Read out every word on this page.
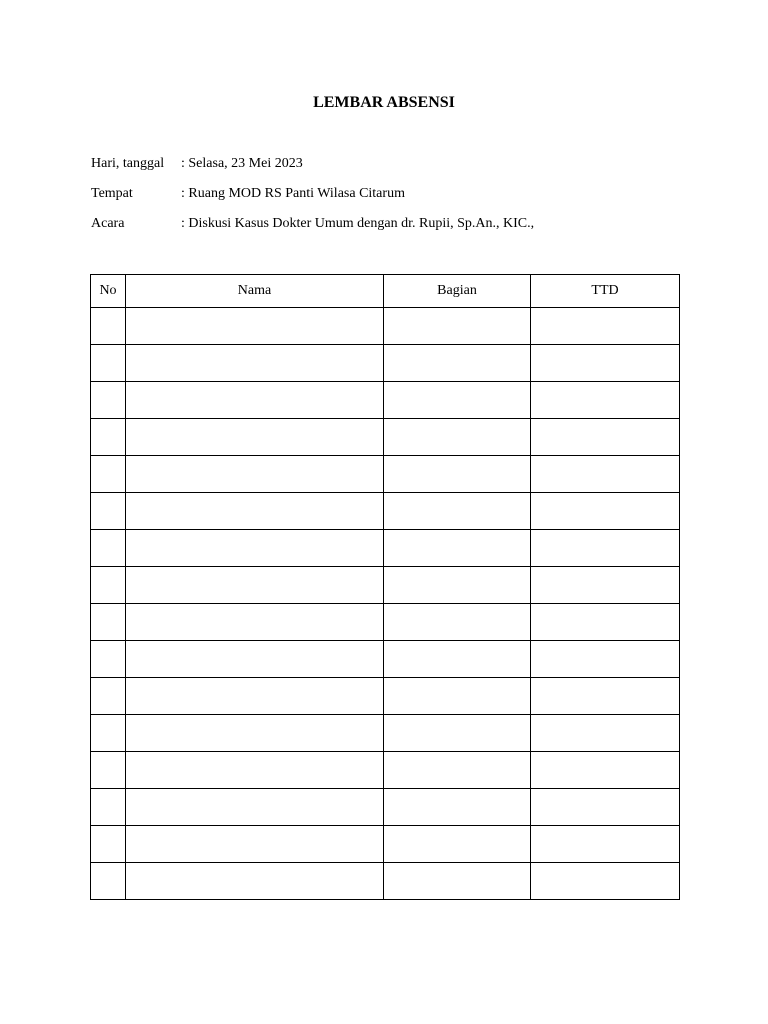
LEMBAR ABSENSI
Hari, tanggal : Selasa, 23 Mei 2023
Tempat	: Ruang MOD RS Panti Wilasa Citarum
Acara	: Diskusi Kasus Dokter Umum dengan dr. Rupii, Sp.An., KIC.,
No	Nama	Bagian	TTD
